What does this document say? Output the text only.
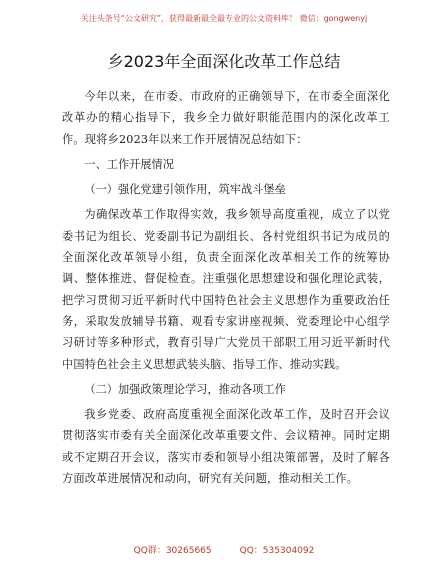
关注头条号“公文研究”，获得最新最全最专业的公文资料库！ 微信：gongwenyj
乡2023年全面深化改革工作总结

今年以来，在市委、市政府的正确领导下，在市委全面深化改革办的精心指导下，我乡全力做好职能范围内的深化改革工作。现将乡2023年以来工作开展情况总结如下：

一、工作开展情况

（一）强化党建引领作用，筑牢战斗堡垒

为确保改革工作取得实效，我乡领导高度重视，成立了以党委书记为组长、党委副书记为副组长、各村党组织书记为成员的全面深化改革领导小组，负责全面深化改革相关工作的统筹协调、整体推进、督促检查。注重强化思想建设和强化理论武装，把学习贯彻习近平新时代中国特色社会主义思想作为重要政治任务，采取发放辅导书籍、观看专家讲座视频、党委理论中心组学习研讨等多种形式，教育引导广大党员干部职工用习近平新时代中国特色社会主义思想武装头脑、指导工作、推动实践。

（二）加强政策理论学习，推动各项工作

我乡党委、政府高度重视全面深化改革工作，及时召开会议贯彻落实市委有关全面深化改革重要文件、会议精神。同时定期或不定期召开会议，落实市委和领导小组决策部署，及时了解各方面改革进展情况和动向，研究有关问题，推动相关工作。

QQ群：30265665	QQ：535304092
